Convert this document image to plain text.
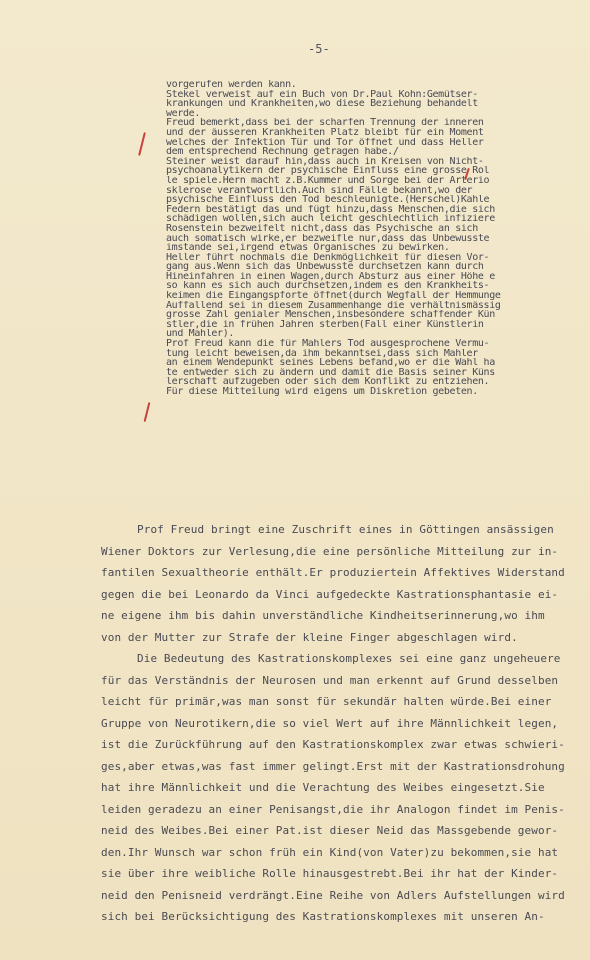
-5-
vorgerufen werden kann.
Stekel verweist auf ein Buch von Dr.Paul Kohn:Gemütser-
krankungen und Krankheiten,wo diese Beziehung behandelt
werde.
Freud bemerkt,dass bei der scharfen Trennung der inneren
und der äusseren Krankheiten Platz bleibt für ein Moment
welches der Infektion Tür und Tor öffnet und dass Heller
dem entsprechend Rechnung getragen habe./
Steiner weist darauf hin,dass auch in Kreisen von Nicht-
psychoanalytikern der psychische Einfluss eine grosse Rol
le spiele.Hern macht z.B.Kummer und Sorge bei der Arterio
sklerose verantwortlich.Auch sind Fälle bekannt,wo der
psychische Einfluss den Tod beschleunigte.(Herschel)Kahle
Federn bestätigt das und fügt hinzu,dass Menschen,die sich
schädigen wollen,sich auch leicht geschlechtlich infiziere
Rosenstein bezweifelt nicht,dass das Psychische an sich
auch somatisch wirke,er bezweifle nur,dass das Unbewusste
imstande sei,irgend etwas Organisches zu bewirken.
Heller führt nochmals die Denkmöglichkeit für diesen Vor-
gang aus.Wenn sich das Unbewusste durchsetzen kann durch
Hineinfahren in einen Wagen,durch Absturz aus einer Höhe e
so kann es sich auch durchsetzen,indem es den Krankheits-
keimen die Eingangspforte öffnet(durch Wegfall der Hemmunge
Auffallend sei in diesem Zusammenhange die verhältnismässig
grosse Zahl genialer Menschen,insbesondere schaffender Kün
stler,die in frühen Jahren sterben(Fall einer Künstlerin
und Mahler).
Prof Freud kann die für Mahlers Tod ausgesprochene Vermu-
tung leicht beweisen,da ihm bekanntsei,dass sich Mahler
an einem Wendepunkt seines Lebens befand,wo er die Wahl ha
te entweder sich zu ändern und damit die Basis seiner Küns
lerschaft aufzugeben oder sich dem Konflikt zu entziehen.
Für diese Mitteilung wird eigens um Diskretion gebeten.
Prof Freud bringt eine Zuschrift eines in Göttingen ansässigen
Wiener Doktors zur Verlesung,die eine persönliche Mitteilung zur in-
fantilen Sexualtheorie enthält.Er produziertein Affektives Widerstand
gegen die bei Leonardo da Vinci aufgedeckte Kastrationsphantasie ei-
ne eigene ihm bis dahin unverständliche Kindheitserinnerung,wo ihm
von der Mutter zur Strafe der kleine Finger abgeschlagen wird.
Die Bedeutung des Kastrationskomplexes sei eine ganz ungeheuere
für das Verständnis der Neurosen und man erkennt auf Grund desselben
leicht für primär,was man sonst für sekundär halten würde.Bei einer
Gruppe von Neurotikern,die so viel Wert auf ihre Männlichkeit legen,
ist die Zurückführung auf den Kastrationskomplex zwar etwas schwieri-
ges,aber etwas,was fast immer gelingt.Erst mit der Kastrationsdrohung
hat ihre Männlichkeit und die Verachtung des Weibes eingesetzt.Sie
leiden geradezu an einer Penisangst,die ihr Analogon findet im Penis-
neid des Weibes.Bei einer Pat.ist dieser Neid das Massgebende gewor-
den.Ihr Wunsch war schon früh ein Kind(von Vater)zu bekommen,sie hat
sie über ihre weibliche Rolle hinausgestrebt.Bei ihr hat der Kinder-
neid den Penisneid verdrängt.Eine Reihe von Adlers Aufstellungen wird
sich bei Berücksichtigung des Kastrationskomplexes mit unseren An-
